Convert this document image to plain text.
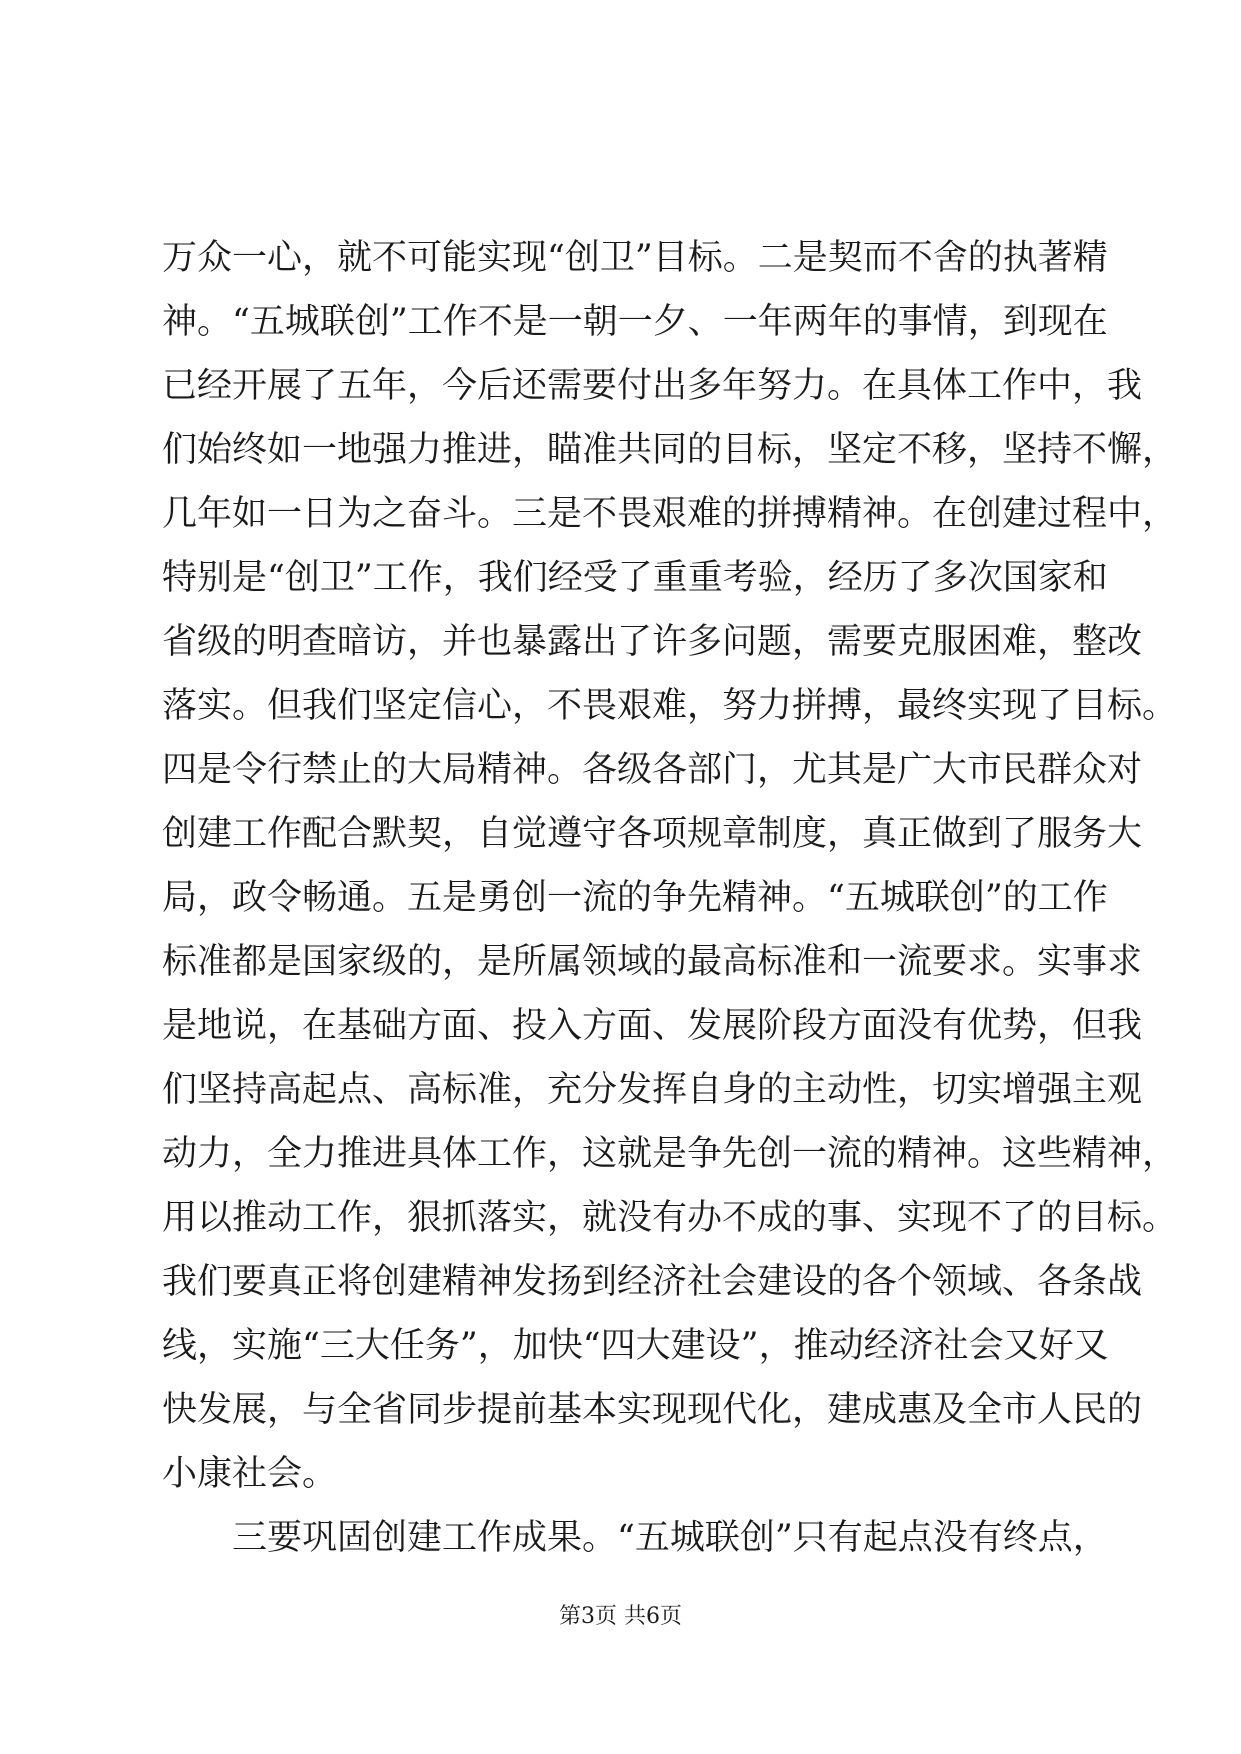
万众一心，就不可能实现“创卫”目标。二是契而不舍的执著精
神。“五城联创”工作不是一朝一夕、一年两年的事情，到现在
已经开展了五年，今后还需要付出多年努力。在具体工作中，我
们始终如一地强力推进，瞄准共同的目标，坚定不移，坚持不懈，
几年如一日为之奋斗。三是不畏艰难的拼搏精神。在创建过程中，
特别是“创卫”工作，我们经受了重重考验，经历了多次国家和
省级的明查暗访，并也暴露出了许多问题，需要克服困难，整改
落实。但我们坚定信心，不畏艰难，努力拼搏，最终实现了目标。
四是令行禁止的大局精神。各级各部门，尤其是广大市民群众对
创建工作配合默契，自觉遵守各项规章制度，真正做到了服务大
局，政令畅通。五是勇创一流的争先精神。“五城联创”的工作
标准都是国家级的，是所属领域的最高标准和一流要求。实事求
是地说，在基础方面、投入方面、发展阶段方面没有优势，但我
们坚持高起点、高标准，充分发挥自身的主动性，切实增强主观
动力，全力推进具体工作，这就是争先创一流的精神。这些精神，
用以推动工作，狠抓落实，就没有办不成的事、实现不了的目标。
我们要真正将创建精神发扬到经济社会建设的各个领域、各条战
线，实施“三大任务”，加快“四大建设”，推动经济社会又好又
快发展，与全省同步提前基本实现现代化，建成惠及全市人民的
小康社会。
三要巩固创建工作成果。“五城联创”只有起点没有终点，
第3页 共6页
